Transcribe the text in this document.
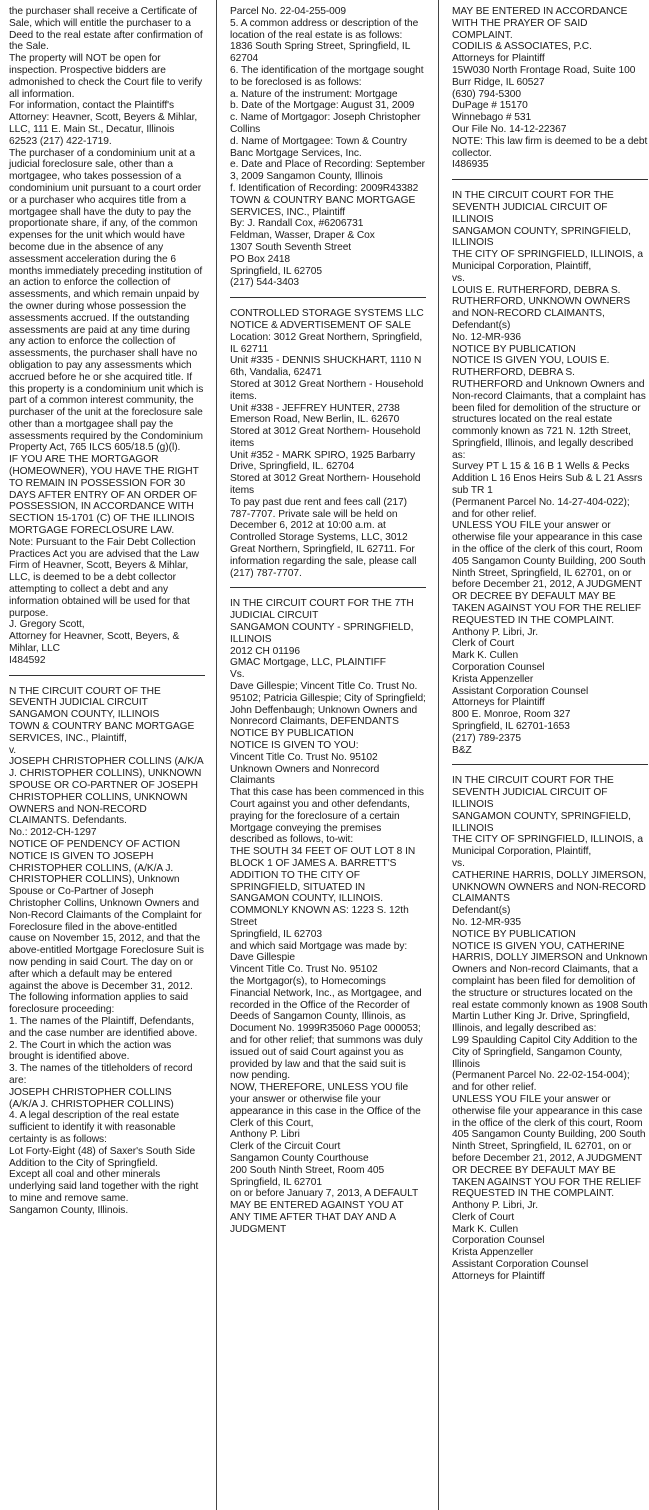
the purchaser shall receive a Certificate of Sale, which will entitle the purchaser to a Deed to the real estate after confirmation of the Sale.
The property will NOT be open for inspection. Prospective bidders are admonished to check the Court file to verify all information.
For information, contact the Plaintiff's Attorney: Heavner, Scott, Beyers & Mihlar, LLC, 111 E. Main St., Decatur, Illinois 62523 (217) 422-1719.
The purchaser of a condominium unit at a judicial foreclosure sale, other than a mortgagee, who takes possession of a condominium unit pursuant to a court order or a purchaser who acquires title from a mortgagee shall have the duty to pay the proportionate share, if any, of the common expenses for the unit which would have become due in the absence of any assessment acceleration during the 6 months immediately preceding institution of an action to enforce the collection of assessments, and which remain unpaid by the owner during whose possession the assessments accrued. If the outstanding assessments are paid at any time during any action to enforce the collection of assessments, the purchaser shall have no obligation to pay any assessments which accrued before he or she acquired title. If this property is a condominium unit which is part of a common interest community, the purchaser of the unit at the foreclosure sale other than a mortgagee shall pay the assessments required by the Condominium Property Act, 765 ILCS 605/18.5 (g)(l).
IF YOU ARE THE MORTGAGOR (HOMEOWNER), YOU HAVE THE RIGHT TO REMAIN IN POSSESSION FOR 30 DAYS AFTER ENTRY OF AN ORDER OF POSSESSION, IN ACCORDANCE WITH SECTION 15-1701 (C) OF THE ILLINOIS MORTGAGE FORECLOSURE LAW.
Note: Pursuant to the Fair Debt Collection Practices Act you are advised that the Law Firm of Heavner, Scott, Beyers & Mihlar, LLC, is deemed to be a debt collector attempting to collect a debt and any information obtained will be used for that purpose.
J. Gregory Scott,
Attorney for Heavner, Scott, Beyers, & Mihlar, LLC
I484592
N THE CIRCUIT COURT OF THE SEVENTH JUDICIAL CIRCUIT
SANGAMON COUNTY, ILLINOIS
TOWN & COUNTRY BANC MORTGAGE SERVICES, INC., Plaintiff,
v.
JOSEPH CHRISTOPHER COLLINS (A/K/A J. CHRISTOPHER COLLINS), UNKNOWN SPOUSE OR CO-PARTNER OF JOSEPH CHRISTOPHER COLLINS, UNKNOWN OWNERS and NON-RECORD CLAIMANTS. Defendants.
No.: 2012-CH-1297
NOTICE OF PENDENCY OF ACTION
NOTICE IS GIVEN TO JOSEPH CHRISTOPHER COLLINS, (A/K/A J. CHRISTOPHER COLLINS), Unknown Spouse or Co-Partner of Joseph Christopher Collins, Unknown Owners and Non-Record Claimants of the Complaint for Foreclosure filed in the above-entitled cause on November 15, 2012, and that the above-entitled Mortgage Foreclosure Suit is now pending in said Court. The day on or after which a default may be entered against the above is December 31, 2012. The following information applies to said foreclosure proceeding:
1. The names of the Plaintiff, Defendants, and the case number are identified above.
2. The Court in which the action was brought is identified above.
3. The names of the titleholders of record are:
JOSEPH CHRISTOPHER COLLINS
(A/K/A J. CHRISTOPHER COLLINS)
4. A legal description of the real estate sufficient to identify it with reasonable certainty is as follows:
Lot Forty-Eight (48) of Saxer's South Side Addition to the City of Springfield.
Except all coal and other minerals underlying said land together with the right to mine and remove same.
Sangamon County, Illinois.
Parcel No. 22-04-255-009
5. A common address or description of the location of the real estate is as follows:
1836 South Spring Street, Springfield, IL 62704
6. The identification of the mortgage sought to be foreclosed is as follows:
a. Nature of the instrument: Mortgage
b. Date of the Mortgage: August 31, 2009
c. Name of Mortgagor: Joseph Christopher Collins
d. Name of Mortgagee: Town & Country Banc Mortgage Services, Inc.
e. Date and Place of Recording: September 3, 2009 Sangamon County, Illinois
f. Identification of Recording: 2009R43382
TOWN & COUNTRY BANC MORTGAGE SERVICES, INC., Plaintiff
By: J. Randall Cox, #6206731
Feldman, Wasser, Draper & Cox
1307 South Seventh Street
PO Box 2418
Springfield, IL 62705
(217) 544-3403
CONTROLLED STORAGE SYSTEMS LLC
NOTICE & ADVERTISEMENT OF SALE
Location: 3012 Great Northern, Springfield, IL 62711
Unit #335 - DENNIS SHUCKHART, 1110 N 6th, Vandalia, 62471
Stored at 3012 Great Northern - Household items.
Unit #338 - JEFFREY HUNTER, 2738 Emerson Road, New Berlin, IL. 62670
Stored at 3012 Great Northern- Household items
Unit #352 - MARK SPIRO, 1925 Barbarry Drive, Springfield, IL. 62704
Stored at 3012 Great Northern- Household items
To pay past due rent and fees call (217) 787-7707. Private sale will be held on December 6, 2012 at 10:00 a.m. at Controlled Storage Systems, LLC, 3012 Great Northern, Springfield, IL 62711. For information regarding the sale, please call (217) 787-7707.
IN THE CIRCUIT COURT FOR THE 7TH JUDICIAL CIRCUIT
SANGAMON COUNTY - SPRINGFIELD, ILLINOIS
2012 CH 01196
GMAC Mortgage, LLC, PLAINTIFF
Vs.
Dave Gillespie; Vincent Title Co. Trust No. 95102; Patricia Gillespie; City of Springfield; John Deffenbaugh; Unknown Owners and Nonrecord Claimants, DEFENDANTS
NOTICE BY PUBLICATION
NOTICE IS GIVEN TO YOU:
Vincent Title Co. Trust No. 95102
Unknown Owners and Nonrecord Claimants
That this case has been commenced in this Court against you and other defendants, praying for the foreclosure of a certain Mortgage conveying the premises described as follows, to-wit:
THE SOUTH 34 FEET OF OUT LOT 8 IN BLOCK 1 OF JAMES A. BARRETT'S ADDITION TO THE CITY OF SPRINGFIELD, SITUATED IN SANGAMON COUNTY, ILLINOIS.
COMMONLY KNOWN AS: 1223 S. 12th Street
Springfield, IL 62703
and which said Mortgage was made by:
Dave Gillespie
Vincent Title Co. Trust No. 95102
the Mortgagor(s), to Homecomings Financial Network, Inc., as Mortgagee, and recorded in the Office of the Recorder of Deeds of Sangamon County, Illinois, as Document No. 1999R35060 Page 000053; and for other relief; that summons was duly issued out of said Court against you as provided by law and that the said suit is now pending.
NOW, THEREFORE, UNLESS YOU file your answer or otherwise file your appearance in this case in the Office of the Clerk of this Court,
Anthony P. Libri
Clerk of the Circuit Court
Sangamon County Courthouse
200 South Ninth Street, Room 405
Springfield, IL 62701
on or before January 7, 2013, A DEFAULT MAY BE ENTERED AGAINST YOU AT ANY TIME AFTER THAT DAY AND A JUDGMENT
MAY BE ENTERED IN ACCORDANCE WITH THE PRAYER OF SAID COMPLAINT.
CODILIS & ASSOCIATES, P.C.
Attorneys for Plaintiff
15W030 North Frontage Road, Suite 100
Burr Ridge, IL 60527
(630) 794-5300
DuPage # 15170
Winnebago # 531
Our File No. 14-12-22367
NOTE: This law firm is deemed to be a debt collector.
I486935
IN THE CIRCUIT COURT FOR THE SEVENTH JUDICIAL CIRCUIT OF ILLINOIS
SANGAMON COUNTY, SPRINGFIELD, ILLINOIS
THE CITY OF SPRINGFIELD, ILLINOIS, a Municipal Corporation, Plaintiff,
vs.
LOUIS E. RUTHERFORD, DEBRA S. RUTHERFORD, UNKNOWN OWNERS and NON-RECORD CLAIMANTS, Defendant(s)
No. 12-MR-936
NOTICE BY PUBLICATION
NOTICE IS GIVEN YOU, LOUIS E. RUTHERFORD, DEBRA S. RUTHERFORD and Unknown Owners and Non-record Claimants, that a complaint has been filed for demolition of the structure or structures located on the real estate commonly known as 721 N. 12th Street, Springfield, Illinois, and legally described as:
Survey PT L 15 & 16 B 1 Wells & Pecks Addition L 16 Enos Heirs Sub & L 21 Assrs sub TR 1
(Permanent Parcel No. 14-27-404-022); and for other relief.
UNLESS YOU FILE your answer or otherwise file your appearance in this case in the office of the clerk of this court, Room 405 Sangamon County Building, 200 South Ninth Street, Springfield, IL 62701, on or before December 21, 2012, A JUDGMENT OR DECREE BY DEFAULT MAY BE TAKEN AGAINST YOU FOR THE RELIEF REQUESTED IN THE COMPLAINT.
Anthony P. Libri, Jr.
Clerk of Court
Mark K. Cullen
Corporation Counsel
Krista Appenzeller
Assistant Corporation Counsel
Attorneys for Plaintiff
800 E. Monroe, Room 327
Springfield, IL 62701-1653
(217) 789-2375
B&Z
IN THE CIRCUIT COURT FOR THE SEVENTH JUDICIAL CIRCUIT OF ILLINOIS
SANGAMON COUNTY, SPRINGFIELD, ILLINOIS
THE CITY OF SPRINGFIELD, ILLINOIS, a Municipal Corporation, Plaintiff,
vs.
CATHERINE HARRIS, DOLLY JIMERSON, UNKNOWN OWNERS and NON-RECORD CLAIMANTS
Defendant(s)
No. 12-MR-935
NOTICE BY PUBLICATION
NOTICE IS GIVEN YOU, CATHERINE HARRIS, DOLLY JIMERSON and Unknown Owners and Non-record Claimants, that a complaint has been filed for demolition of the structure or structures located on the real estate commonly known as 1908 South Martin Luther King Jr. Drive, Springfield, Illinois, and legally described as:
L99 Spaulding Capitol City Addition to the City of Springfield, Sangamon County, Illinois
(Permanent Parcel No. 22-02-154-004); and for other relief.
UNLESS YOU FILE your answer or otherwise file your appearance in this case in the office of the clerk of this court, Room 405 Sangamon County Building, 200 South Ninth Street, Springfield, IL 62701, on or before December 21, 2012, A JUDGMENT OR DECREE BY DEFAULT MAY BE TAKEN AGAINST YOU FOR THE RELIEF REQUESTED IN THE COMPLAINT.
Anthony P. Libri, Jr.
Clerk of Court
Mark K. Cullen
Corporation Counsel
Krista Appenzeller
Assistant Corporation Counsel
Attorneys for Plaintiff
